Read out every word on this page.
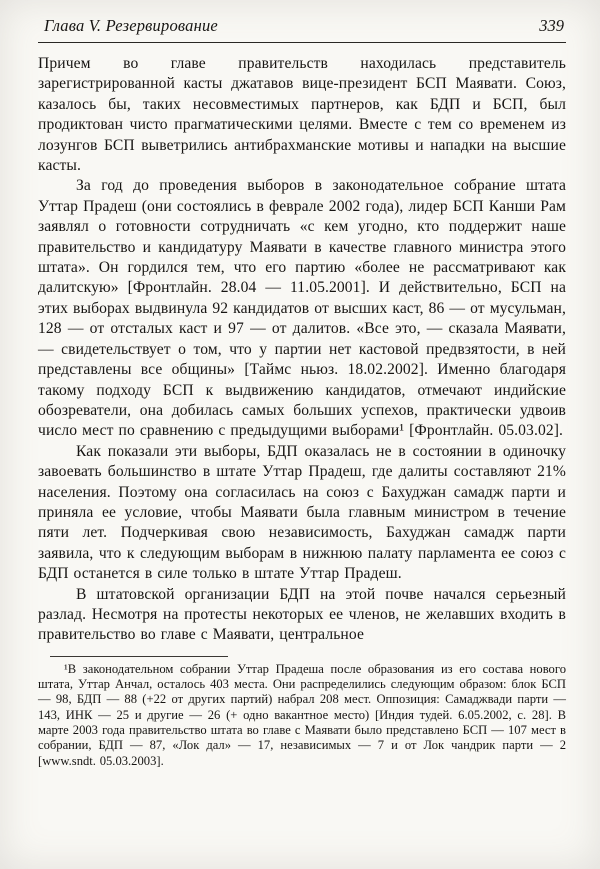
Глава V. Резервирование	339

Причем во главе правительств находилась представитель зарегистрированной касты джатавов вице-президент БСП Маявати. Союз, казалось бы, таких несовместимых партнеров, как БДП и БСП, был продиктован чисто прагматическими целями. Вместе с тем со временем из лозунгов БСП выветрились антибрахманские мотивы и нападки на высшие касты.

За год до проведения выборов в законодательное собрание штата Уттар Прадеш (они состоялись в феврале 2002 года), лидер БСП Канши Рам заявлял о готовности сотрудничать «с кем угодно, кто поддержит наше правительство и кандидатуру Маявати в качестве главного министра этого штата». Он гордился тем, что его партию «более не рассматривают как далитскую» [Фронтлайн. 28.04 — 11.05.2001]. И действительно, БСП на этих выборах выдвинула 92 кандидатов от высших каст, 86 — от мусульман, 128 — от отсталых каст и 97 — от далитов. «Все это, — сказала Маявати, — свидетельствует о том, что у партии нет кастовой предвзятости, в ней представлены все общины» [Таймс ньюз. 18.02.2002]. Именно благодаря такому подходу БСП к выдвижению кандидатов, отмечают индийские обозреватели, она добилась самых больших успехов, практически удвоив число мест по сравнению с предыдущими выборами¹ [Фронтлайн. 05.03.02].

Как показали эти выборы, БДП оказалась не в состоянии в одиночку завоевать большинство в штате Уттар Прадеш, где далиты составляют 21% населения. Поэтому она согласилась на союз с Бахуджан самадж парти и приняла ее условие, чтобы Маявати была главным министром в течение пяти лет. Подчеркивая свою независимость, Бахуджан самадж парти заявила, что к следующим выборам в нижнюю палату парламента ее союз с БДП останется в силе только в штате Уттар Прадеш.

В штатовской организации БДП на этой почве начался серьезный разлад. Несмотря на протесты некоторых ее членов, не желавших входить в правительство во главе с Маявати, центральное

¹В законодательном собрании Уттар Прадеша после образования из его состава нового штата, Уттар Анчал, осталось 403 места. Они распределились следующим образом: блок БСП — 98, БДП — 88 (+22 от других партий) набрал 208 мест. Оппозиция: Самаджвади парти — 143, ИНК — 25 и другие — 26 (+ одно вакантное место) [Индия тудей. 6.05.2002, с. 28]. В марте 2003 года правительство штата во главе с Маявати было представлено БСП — 107 мест в собрании, БДП — 87, «Лок дал» — 17, независимых — 7 и от Лок чандрик парти — 2 [www.sndt. 05.03.2003].
